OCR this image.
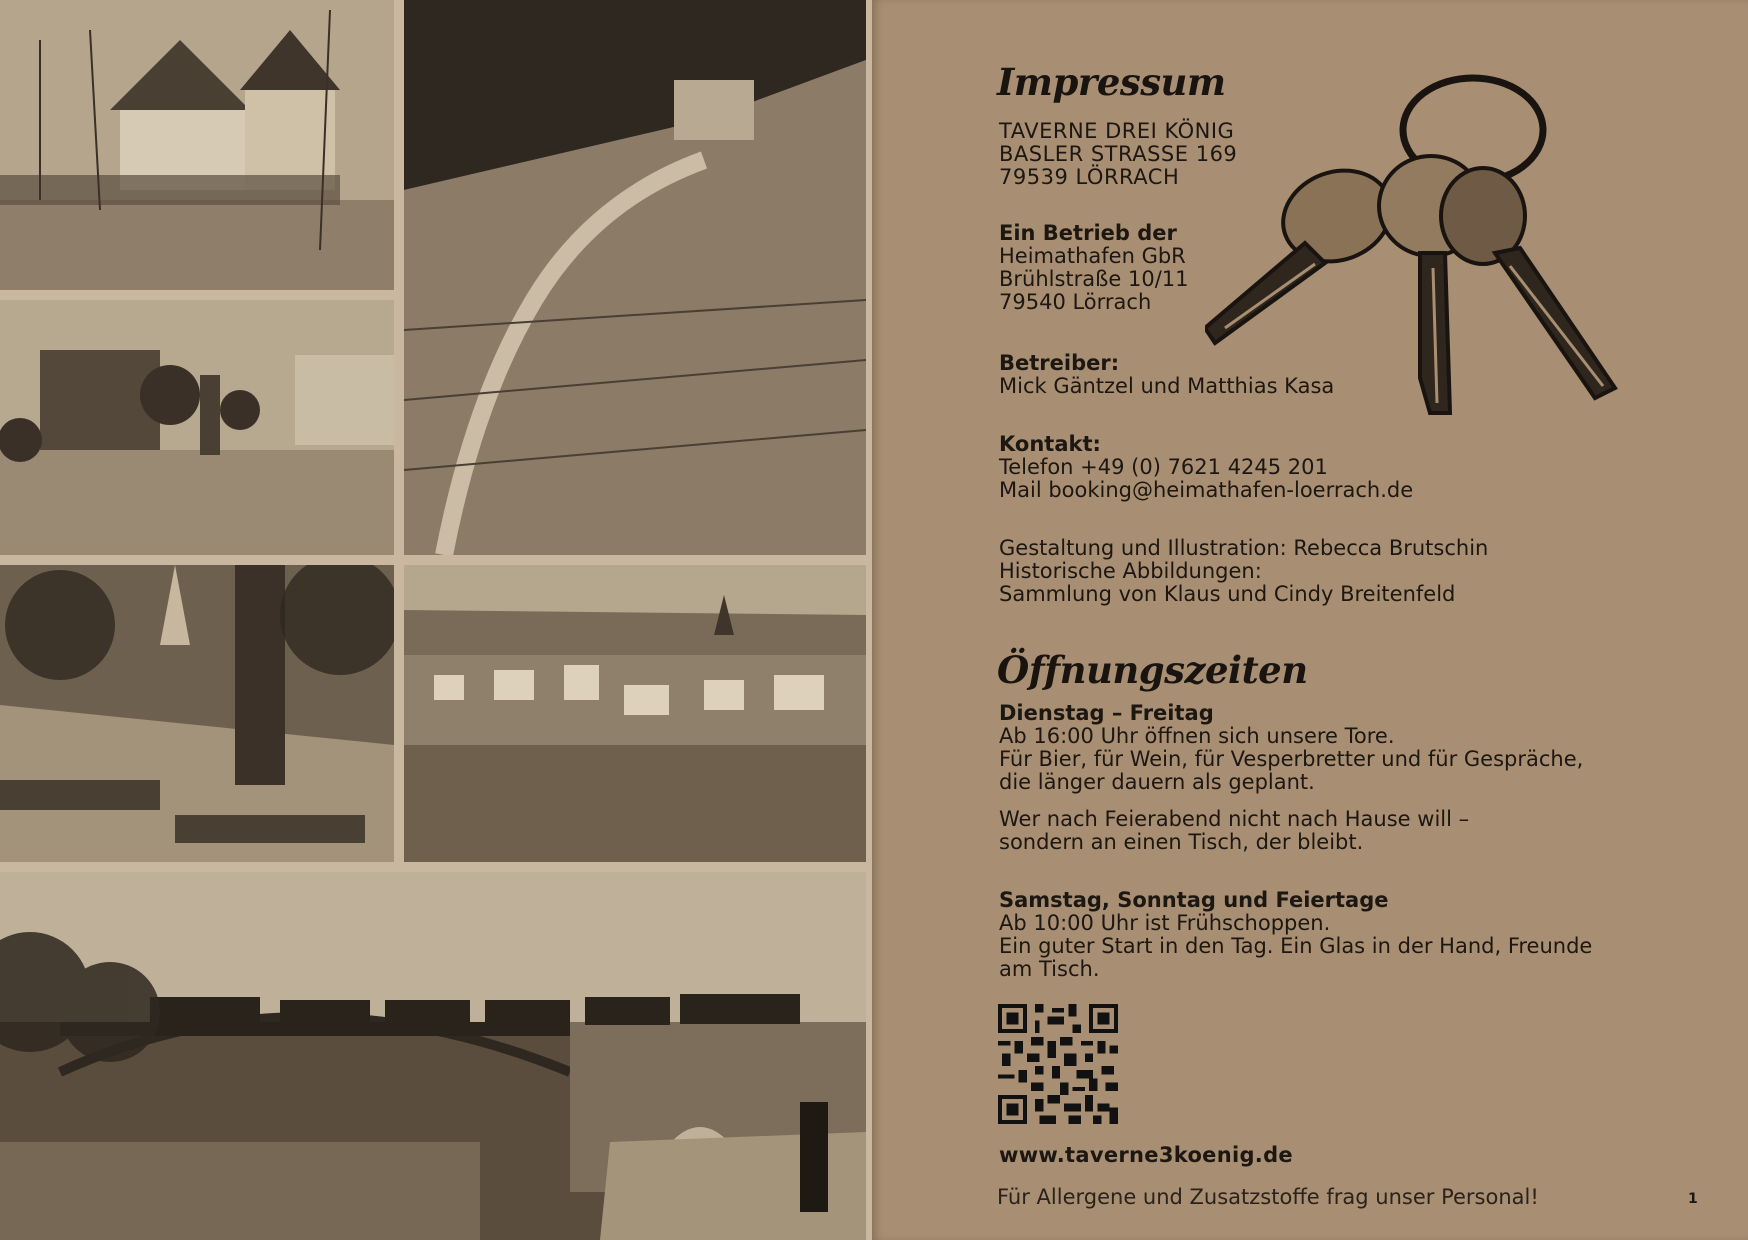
Impressum
TAVERNE DREI KÖNIG
BASLER STRASSE 169
79539 LÖRRACH
Ein Betrieb der
Heimathafen GbR
Brühlstraße 10/11
79540 Lörrach
Betreiber:
Mick Gäntzel und Matthias Kasa
Kontakt:
Telefon +49 (0) 7621 4245 201
Mail booking@heimathafen-loerrach.de
Gestaltung und Illustration: Rebecca Brutschin
Historische Abbildungen:
Sammlung von Klaus und Cindy Breitenfeld
Öffnungszeiten
Dienstag – Freitag
Ab 16:00 Uhr öffnen sich unsere Tore.
Für Bier, für Wein, für Vesperbretter und für Gespräche,
die länger dauern als geplant.
Wer nach Feierabend nicht nach Hause will –
sondern an einen Tisch, der bleibt.
Samstag, Sonntag und Feiertage
Ab 10:00 Uhr ist Frühschoppen.
Ein guter Start in den Tag. Ein Glas in der Hand, Freunde
am Tisch.
www.taverne3koenig.de
Für Allergene und Zusatzstoffe frag unser Personal!	1
